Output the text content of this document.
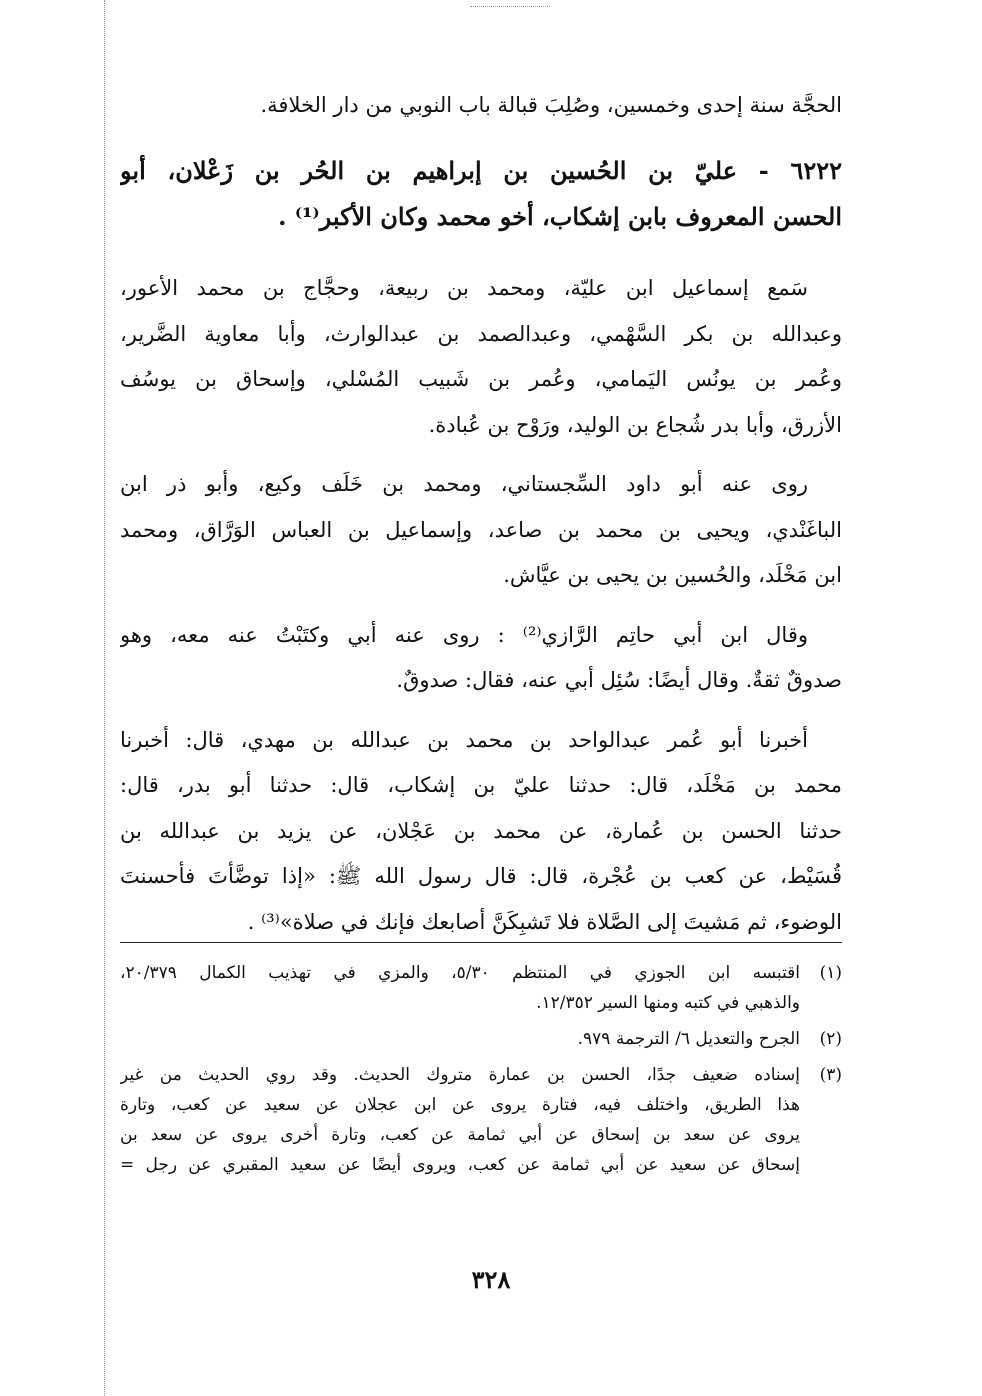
الحجَّة سنة إحدى وخمسين، وصُلِبَ قبالة باب النوبي من دار الخلافة.
٦٢٢٢ - عليّ بن الحُسين بن إبراهيم بن الحُر بن زَعْلان، أبو
الحسن المعروف بابن إشكاب، أخو محمد وكان الأكبر⁽¹⁾ .
سَمع إسماعيل ابن عليّة، ومحمد بن ربيعة، وحجَّاج بن محمد الأعور،
وعبدالله بن بكر السَّهْمي، وعبدالصمد بن عبدالوارث، وأبا معاوية الضَّرير،
وعُمر بن يونُس اليَمامي، وعُمر بن شَبيب المُسْلي، وإسحاق بن يوسُف
الأزرق، وأبا بدر شُجاع بن الوليد، ورَوْح بن عُبادة.
روى عنه أبو داود السِّجستاني، ومحمد بن خَلَف وكيع، وأبو ذر ابن
الباغَنْدي، ويحيى بن محمد بن صاعد، وإسماعيل بن العباس الوَرَّاق، ومحمد
ابن مَخْلَد، والحُسين بن يحيى بن عيَّاش.
وقال ابن أبي حاتِم الرَّازي⁽²⁾ : روى عنه أبي وكتَبْتُ عنه معه، وهو
صدوقٌ ثقةٌ. وقال أيضًا: سُئِل أبي عنه، فقال: صدوقٌ.
أخبرنا أبو عُمر عبدالواحد بن محمد بن عبدالله بن مهدي، قال: أخبرنا
محمد بن مَخْلَد، قال: حدثنا عليّ بن إشكاب، قال: حدثنا أبو بدر، قال:
حدثنا الحسن بن عُمارة، عن محمد بن عَجْلان، عن يزيد بن عبدالله بن
قُسَيْط، عن كعب بن عُجْرة، قال: قال رسول الله ﷺ: «إذا توضَّأتَ فأحسنتَ
الوضوء، ثم مَشيتَ إلى الصَّلاة فلا تَشبِكَنَّ أصابعك فإنك في صلاة»⁽³⁾ .
(١)
اقتبسه ابن الجوزي في المنتظم ٥/٣٠، والمزي في تهذيب الكمال ٢٠/٣٧٩،
والذهبي في كتبه ومنها السير ١٢/٣٥٢.
(٢)
الجرح والتعديل ٦/ الترجمة ٩٧٩.
(٣)
إسناده ضعيف جدًا، الحسن بن عمارة متروك الحديث. وقد روي الحديث من غير
هذا الطريق، واختلف فيه، فتارة يروى عن ابن عجلان عن سعيد عن كعب، وتارة
يروى عن سعد بن إسحاق عن أبي ثمامة عن كعب، وتارة أخرى يروى عن سعد بن
إسحاق عن سعيد عن أبي ثمامة عن كعب، ويروى أيضًا عن سعيد المقبري عن رجل =
٣٢٨
